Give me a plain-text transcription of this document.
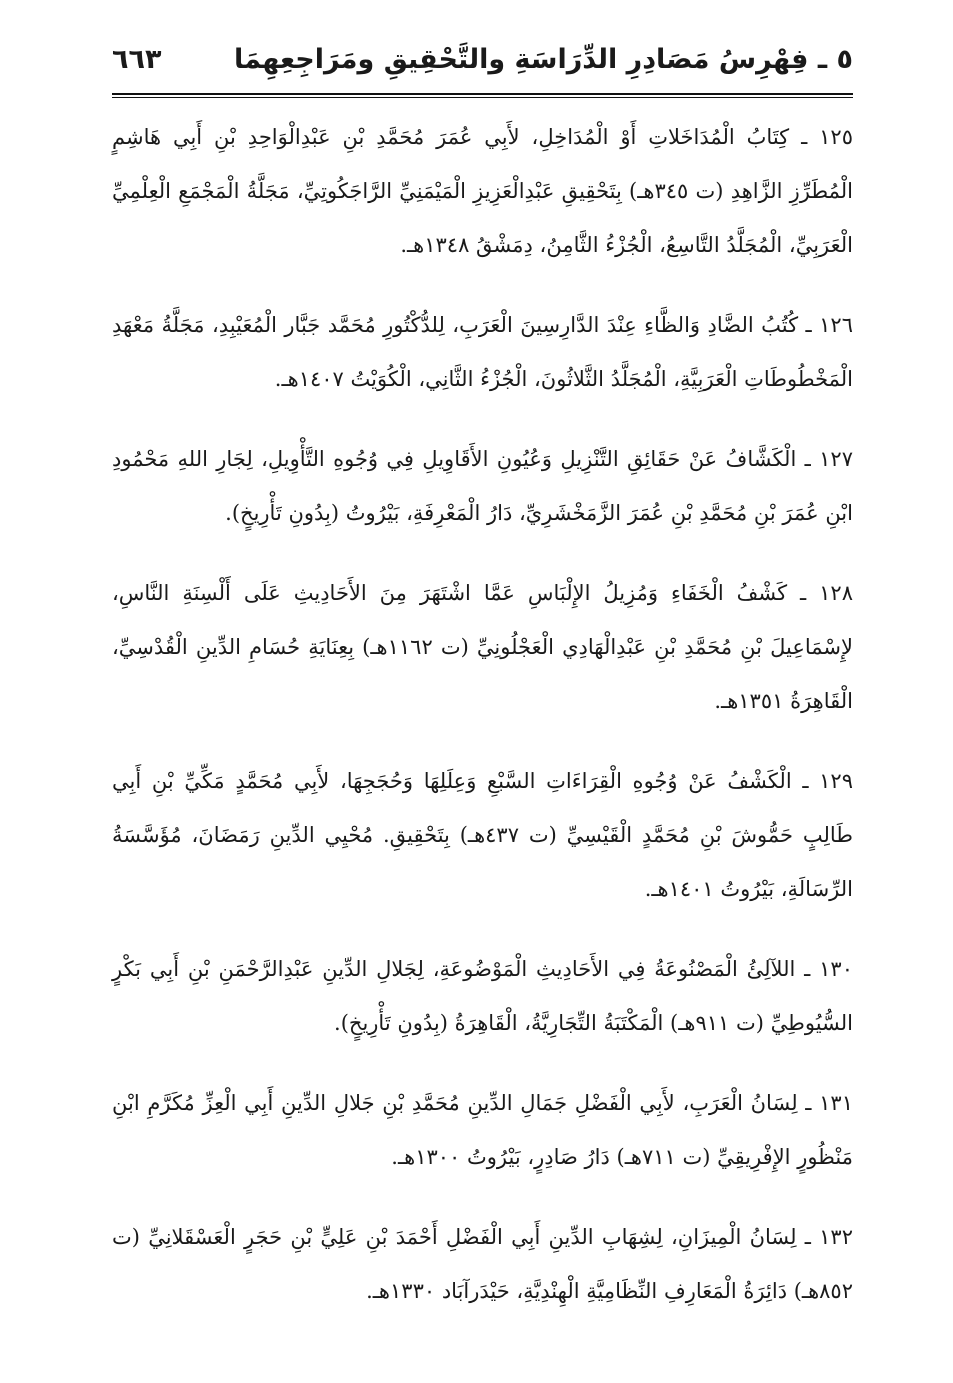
٥ ـ فِهْرِسُ مَصَادِرِ الدِّرَاسَةِ والتَّحْقِيقِ ومَرَاجِعِهِمَا
٦٦٣

١٢٥ ـ كِتَابُ الْمُدَاخَلاتِ أَوْ الْمُدَاخِلِ، لأَبِي عُمَرَ مُحَمَّدِ بْنِ عَبْدِالْوَاحِدِ بْنِ أَبِي هَاشِمٍ الْمُطَرِّزِ الزَّاهِدِ (ت ٣٤٥هـ) بِتَحْقِيقِ عَبْدِالْعَزِيزِ الْمَيْمَنِيِّ الرَّاجَكُوتِيِّ، مَجَلَّةُ الْمَجْمَعِ الْعِلْمِيِّ الْعَرَبِيِّ، الْمُجَلَّدُ التَّاسِعُ، الْجُزْءُ الثَّامِنُ، دِمَشْقُ ١٣٤٨هـ.

١٢٦ ـ كُتُبُ الضَّادِ وَالظَّاءِ عِنْدَ الدَّارِسِينَ الْعَرَبِ، لِلدُّكْتُورِ مُحَمَّد جَبَّار الْمُعَيْبِدِ، مَجَلَّةُ مَعْهَدِ الْمَخْطُوطَاتِ الْعَرَبِيَّةِ، الْمُجَلَّدُ الثَّلاثُونَ، الْجُزْءُ الثَّانِي، الْكُوَيْتُ ١٤٠٧هـ.

١٢٧ ـ الْكَشَّافُ عَنْ حَقَائِقِ التَّنْزِيلِ وَعُيُونِ الأَقَاوِيلِ فِي وُجُوهِ التَّأْوِيلِ، لِجَارِ اللهِ مَحْمُودِ ابْنِ عُمَرَ بْنِ مُحَمَّدِ بْنِ عُمَرَ الزَّمَخْشَرِيِّ، دَارُ الْمَعْرِفَةِ، بَيْرُوتُ (بِدُونِ تَأْرِيخٍ).

١٢٨ ـ كَشْفُ الْخَفَاءِ وَمُزِيلُ الإِلْبَاسِ عَمَّا اشْتَهَرَ مِنَ الأَحَادِيثِ عَلَى أَلْسِنَةِ النَّاسِ، لإِسْمَاعِيلَ بْنِ مُحَمَّدِ بْنِ عَبْدِالْهَادِي الْعَجْلُونِيِّ (ت ١١٦٢هـ) بِعِنَايَةِ حُسَامِ الدِّينِ الْقُدْسِيِّ، الْقَاهِرَةُ ١٣٥١هـ.

١٢٩ ـ الْكَشْفُ عَنْ وُجُوهِ الْقِرَاءَاتِ السَّبْعِ وَعِلَلِهَا وَحُجَجِهَا، لأَبِي مُحَمَّدٍ مَكِّيِّ بْنِ أَبِي طَالِبٍ حَمُّوشَ بْنِ مُحَمَّدٍ الْقَيْسِيِّ (ت ٤٣٧هـ) بِتَحْقِيقِ. مُحْيِي الدِّينِ رَمَضَانَ، مُؤَسَّسَةُ الرِّسَالَةِ، بَيْرُوتُ ١٤٠١هـ.

١٣٠ ـ اللآلِئُ الْمَصْنُوعَةُ فِي الأَحَادِيثِ الْمَوْضُوعَةِ، لِجَلالِ الدِّينِ عَبْدِالرَّحْمَنِ بْنِ أَبِي بَكْرٍ السُّيُوطِيِّ (ت ٩١١هـ) الْمَكْتَبَةُ التِّجَارِيَّةُ، الْقَاهِرَةُ (بِدُونِ تَأْرِيخٍ).

١٣١ ـ لِسَانُ الْعَرَبِ، لأَبِي الْفَضْلِ جَمَالِ الدِّينِ مُحَمَّدِ بْنِ جَلالِ الدِّينِ أَبِي الْعِزِّ مُكَرَّمِ ابْنِ مَنْظُورٍ الإِفْرِيقِيِّ (ت ٧١١هـ) دَارُ صَادِرٍ، بَيْرُوتُ ١٣٠٠هـ.

١٣٢ ـ لِسَانُ الْمِيزَانِ، لِشِهَابِ الدِّينِ أَبِي الْفَضْلِ أَحْمَدَ بْنِ عَلِيٍّ بْنِ حَجَرٍ الْعَسْقَلانِيِّ (ت ٨٥٢هـ) دَائِرَةُ الْمَعَارِفِ النِّظَامِيَّةِ الْهِنْدِيَّةِ، حَيْدَرآبَاد ١٣٣٠هـ.
